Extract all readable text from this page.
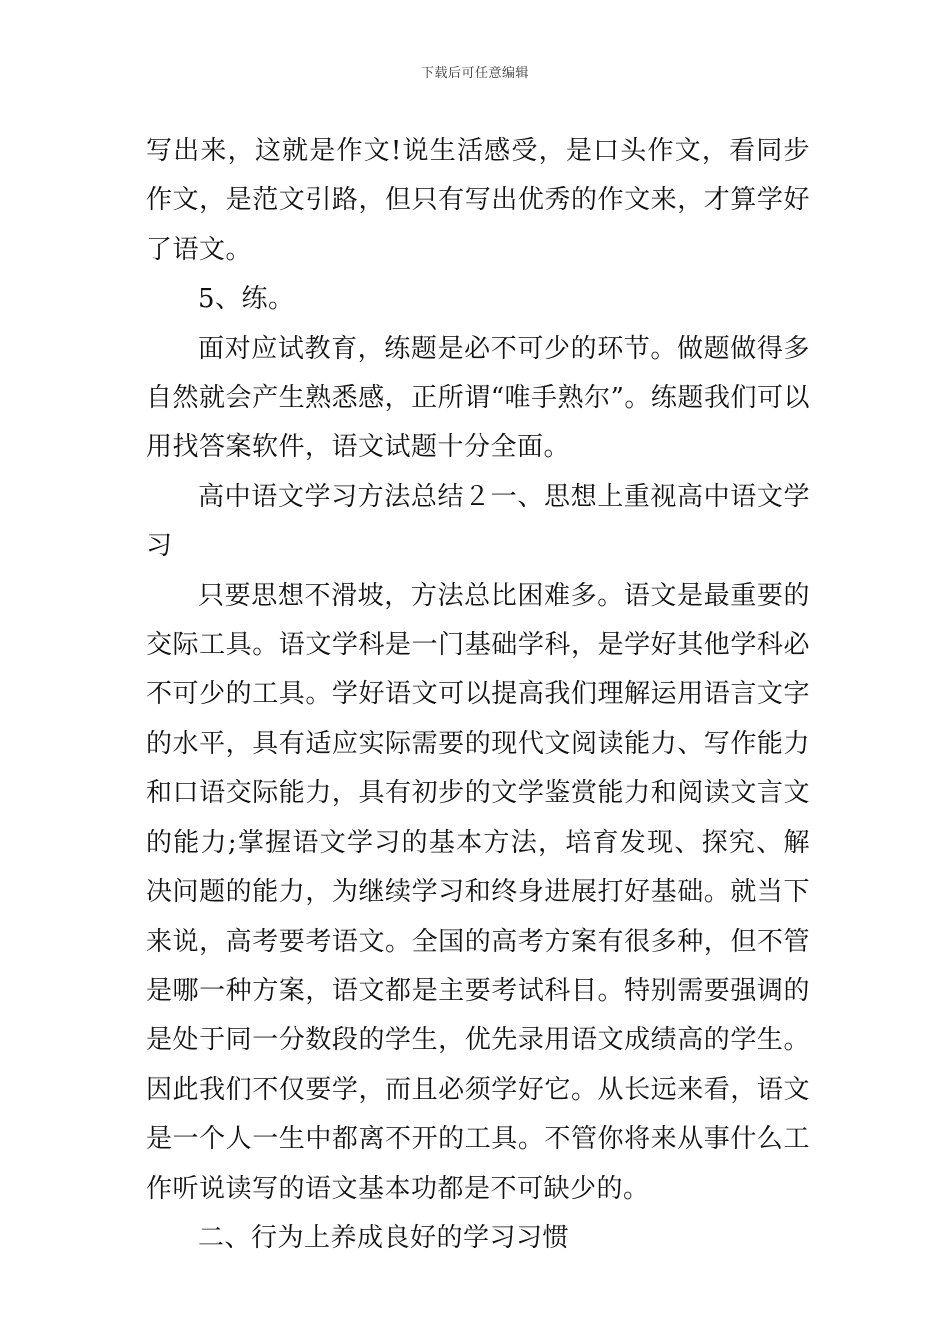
下载后可任意编辑

写出来，这就是作文!说生活感受，是口头作文，看同步作文，是范文引路，但只有写出优秀的作文来，才算学好了语文。

5、练。

面对应试教育，练题是必不可少的环节。做题做得多自然就会产生熟悉感，正所谓“唯手熟尔”。练题我们可以用找答案软件，语文试题十分全面。

高中语文学习方法总结２一、思想上重视高中语文学习

只要思想不滑坡，方法总比困难多。语文是最重要的交际工具。语文学科是一门基础学科，是学好其他学科必不可少的工具。学好语文可以提高我们理解运用语言文字的水平，具有适应实际需要的现代文阅读能力、写作能力和口语交际能力，具有初步的文学鉴赏能力和阅读文言文的能力;掌握语文学习的基本方法，培育发现、探究、解决问题的能力，为继续学习和终身进展打好基础。就当下来说，高考要考语文。全国的高考方案有很多种，但不管是哪一种方案，语文都是主要考试科目。特别需要强调的是处于同一分数段的学生，优先录用语文成绩高的学生。因此我们不仅要学，而且必须学好它。从长远来看，语文是一个人一生中都离不开的工具。不管你将来从事什么工作听说读写的语文基本功都是不可缺少的。

二、行为上养成良好的学习习惯
